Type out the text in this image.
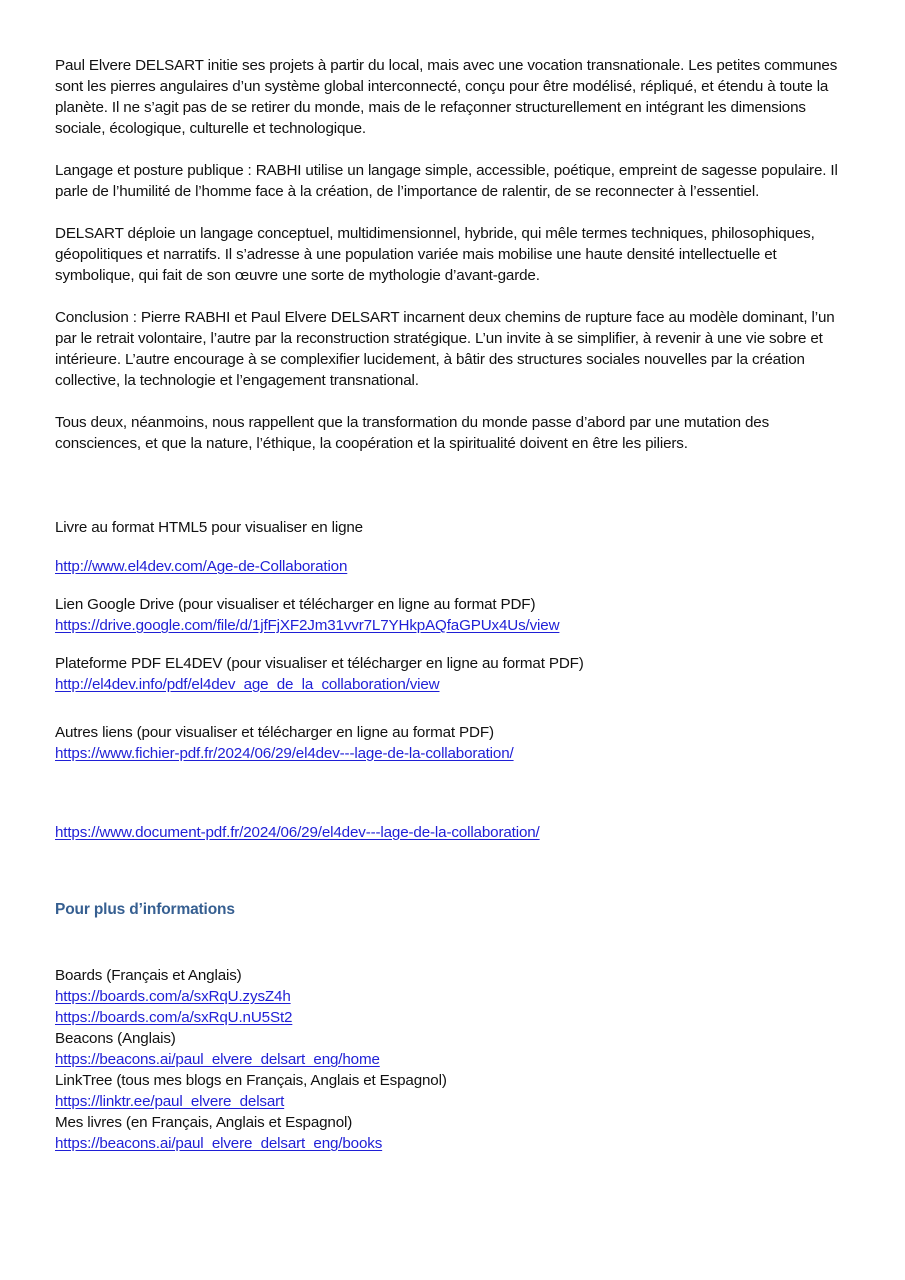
Paul Elvere DELSART initie ses projets à partir du local, mais avec une vocation transnationale. Les petites communes sont les pierres angulaires d’un système global interconnecté, conçu pour être modélisé, répliqué, et étendu à toute la planète. Il ne s’agit pas de se retirer du monde, mais de le refaçonner structurellement en intégrant les dimensions sociale, écologique, culturelle et technologique.

Langage et posture publique : RABHI utilise un langage simple, accessible, poétique, empreint de sagesse populaire. Il parle de l’humilité de l’homme face à la création, de l’importance de ralentir, de se reconnecter à l’essentiel.

DELSART déploie un langage conceptuel, multidimensionnel, hybride, qui mêle termes techniques, philosophiques, géopolitiques et narratifs. Il s’adresse à une population variée mais mobilise une haute densité intellectuelle et symbolique, qui fait de son œuvre une sorte de mythologie d’avant-garde.

Conclusion : Pierre RABHI et Paul Elvere DELSART incarnent deux chemins de rupture face au modèle dominant, l’un par le retrait volontaire, l’autre par la reconstruction stratégique. L’un invite à se simplifier, à revenir à une vie sobre et intérieure. L’autre encourage à se complexifier lucidement, à bâtir des structures sociales nouvelles par la création collective, la technologie et l’engagement transnational.

Tous deux, néanmoins, nous rappellent que la transformation du monde passe d’abord par une mutation des consciences, et que la nature, l’éthique, la coopération et la spiritualité doivent en être les piliers.

Livre au format HTML5 pour visualiser en ligne

http://www.el4dev.com/Age-de-Collaboration

Lien Google Drive (pour visualiser et télécharger en ligne au format PDF)

https://drive.google.com/file/d/1jfFjXF2Jm31vvr7L7YHkpAQfaGPUx4Us/view

Plateforme PDF EL4DEV (pour visualiser et télécharger en ligne au format PDF)

http://el4dev.info/pdf/el4dev_age_de_la_collaboration/view

Autres liens (pour visualiser et télécharger en ligne au format PDF)

https://www.fichier-pdf.fr/2024/06/29/el4dev---lage-de-la-collaboration/

https://www.document-pdf.fr/2024/06/29/el4dev---lage-de-la-collaboration/

Pour plus d’informations

Boards (Français et Anglais)

https://boards.com/a/sxRqU.zysZ4h

https://boards.com/a/sxRqU.nU5St2

Beacons (Anglais)

https://beacons.ai/paul_elvere_delsart_eng/home

LinkTree (tous mes blogs en Français, Anglais et Espagnol)

https://linktr.ee/paul_elvere_delsart

Mes livres (en Français, Anglais et Espagnol)

https://beacons.ai/paul_elvere_delsart_eng/books
